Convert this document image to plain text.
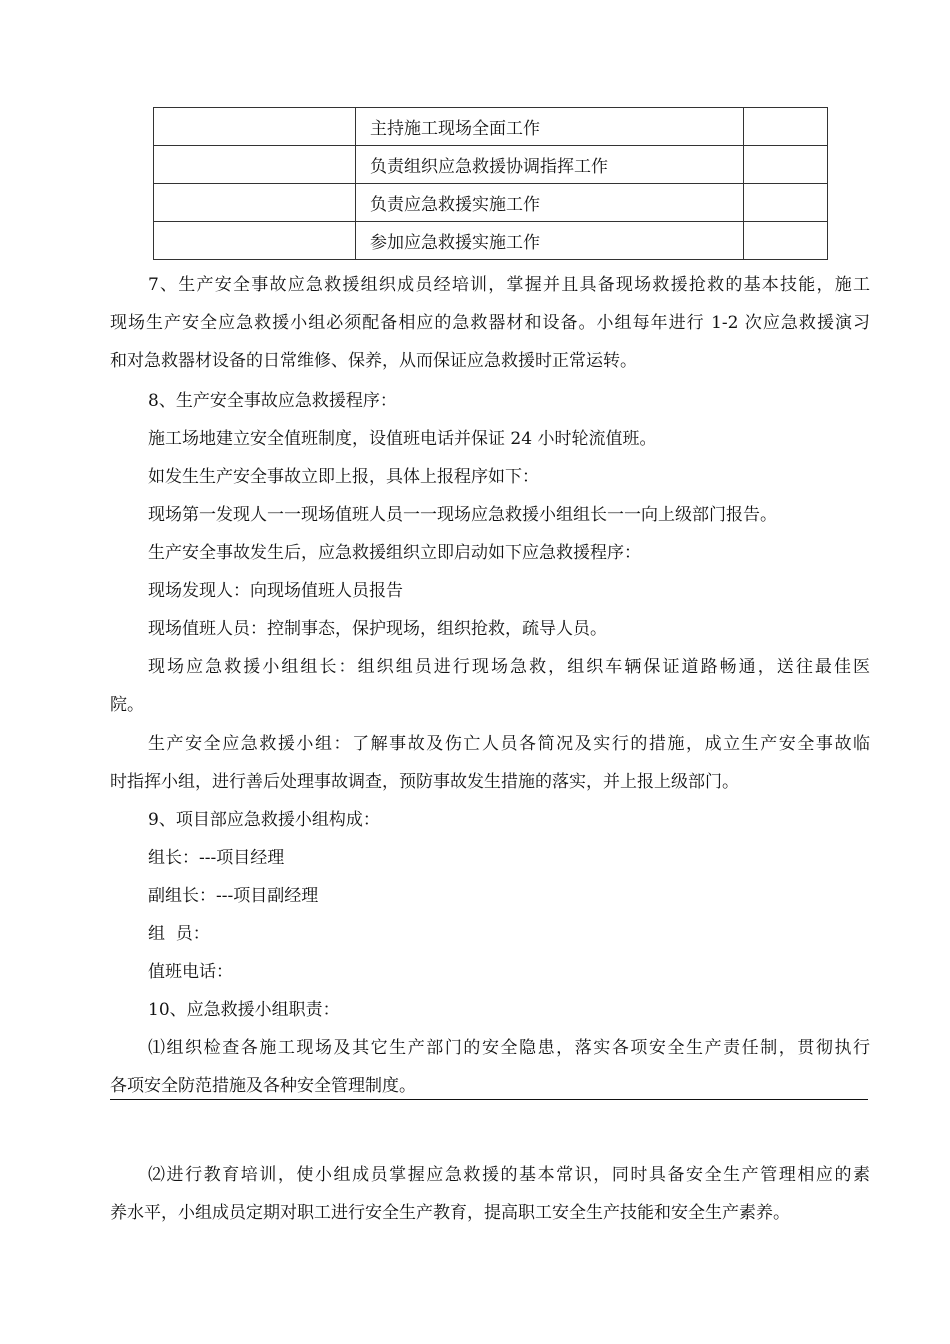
	主持施工现场全面工作	
	负责组织应急救援协调指挥工作	
	负责应急救援实施工作	
	参加应急救援实施工作	

7、生产安全事故应急救援组织成员经培训，掌握并且具备现场救援抢救的基本技能，施工
现场生产安全应急救援小组必须配备相应的急救器材和设备。小组每年进行 1-2 次应急救援演习
和对急救器材设备的日常维修、保养，从而保证应急救援时正常运转。

8、生产安全事故应急救援程序：

施工场地建立安全值班制度，设值班电话并保证 24 小时轮流值班。

如发生生产安全事故立即上报，具体上报程序如下：

现场第一发现人一一现场值班人员一一现场应急救援小组组长一一向上级部门报告。

生产安全事故发生后，应急救援组织立即启动如下应急救援程序：

现场发现人：向现场值班人员报告

现场值班人员：控制事态，保护现场，组织抢救，疏导人员。

现场应急救援小组组长：组织组员进行现场急救，组织车辆保证道路畅通，送往最佳医
院。

生产安全应急救援小组：了解事故及伤亡人员各简况及实行的措施，成立生产安全事故临
时指挥小组，进行善后处理事故调查，预防事故发生措施的落实，并上报上级部门。

9、项目部应急救援小组构成：

组长：---项目经理

副组长：---项目副经理

组  员：

值班电话：

10、应急救援小组职责：

⑴组织检查各施工现场及其它生产部门的安全隐患，落实各项安全生产责任制，贯彻执行
各项安全防范措施及各种安全管理制度。

⑵进行教育培训，使小组成员掌握应急救援的基本常识，同时具备安全生产管理相应的素
养水平，小组成员定期对职工进行安全生产教育，提高职工安全生产技能和安全生产素养。
